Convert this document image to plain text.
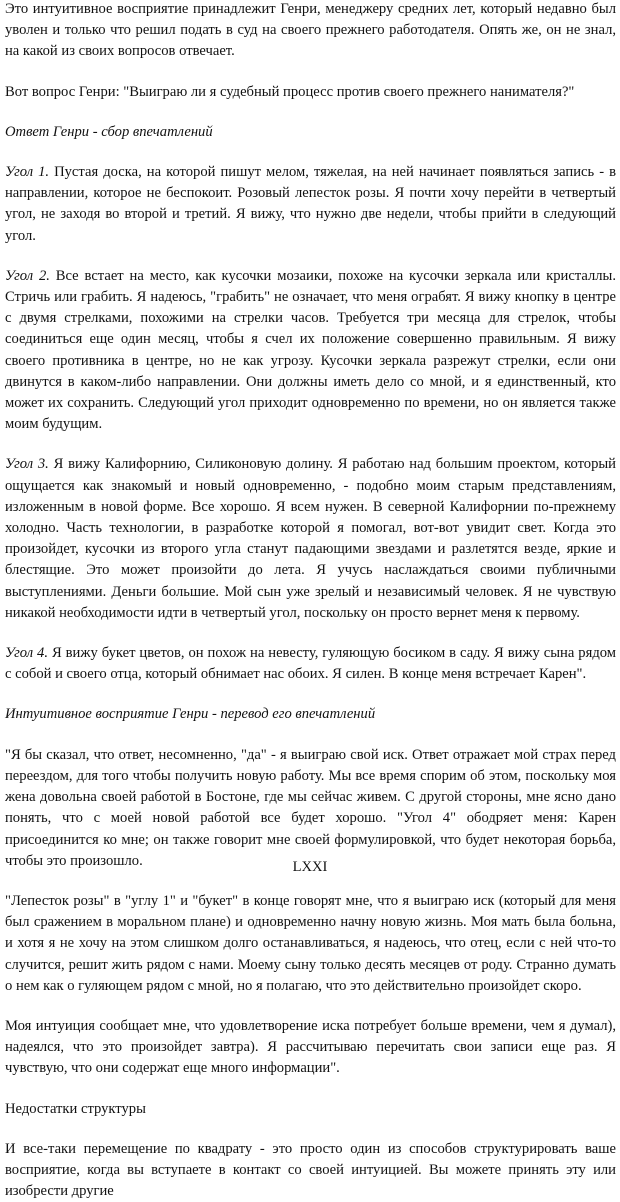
Это интуитивное восприятие принадлежит Генри, менеджеру средних лет, который недавно был уволен и только что решил подать в суд на своего прежнего работодателя. Опять же, он не знал, на какой из своих вопросов отвечает.

Вот вопрос Генри: "Выиграю ли я судебный процесс против своего прежнего нанимателя?"

Ответ Генри - сбор впечатлений

Угол 1. Пустая доска, на которой пишут мелом, тяжелая, на ней начинает появляться запись - в направлении, которое не беспокоит. Розовый лепесток розы. Я почти хочу перейти в четвертый угол, не заходя во второй и третий. Я вижу, что нужно две недели, чтобы прийти в следующий угол.

Угол 2. Все встает на место, как кусочки мозаики, похоже на кусочки зеркала или кристаллы. Стричь или грабить. Я надеюсь, "грабить" не означает, что меня ограбят. Я вижу кнопку в центре с двумя стрелками, похожими на стрелки часов. Требуется три месяца для стрелок, чтобы соединиться еще один месяц, чтобы я счел их положение совершенно правильным. Я вижу своего противника в центре, но не как угрозу. Кусочки зеркала разрежут стрелки, если они двинутся в каком-либо направлении. Они должны иметь дело со мной, и я единственный, кто может их сохранить. Следующий угол приходит одновременно по времени, но он является также моим будущим.

Угол 3. Я вижу Калифорнию, Силиконовую долину. Я работаю над большим проектом, который ощущается как знакомый и новый одновременно, - подобно моим старым представлениям, изложенным в новой форме. Все хорошо. Я всем нужен. В северной Калифорнии по-прежнему холодно. Часть технологии, в разработке которой я помогал, вот-вот увидит свет. Когда это произойдет, кусочки из второго угла станут падающими звездами и разлетятся везде, яркие и блестящие. Это может произойти до лета. Я учусь наслаждаться своими публичными выступлениями. Деньги большие. Мой сын уже зрелый и независимый человек. Я не чувствую никакой необходимости идти в четвертый угол, поскольку он просто вернет меня к первому.

Угол 4. Я вижу букет цветов, он похож на невесту, гуляющую босиком в саду. Я вижу сына рядом с собой и своего отца, который обнимает нас обоих. Я силен. В конце меня встречает Карен".

Интуитивное восприятие Генри - перевод его впечатлений

"Я бы сказал, что ответ, несомненно, "да" - я выиграю свой иск. Ответ отражает мой страх перед переездом, для того чтобы получить новую работу. Мы все время спорим об этом, поскольку моя жена довольна своей работой в Бостоне, где мы сейчас живем. С другой стороны, мне ясно дано понять, что с моей новой работой все будет хорошо. "Угол 4" ободряет меня: Карен присоединится ко мне; он также говорит мне своей формулировкой, что будет некоторая борьба, чтобы это произошло.

"Лепесток розы" в "углу 1" и "букет" в конце говорят мне, что я выиграю иск (который для меня был сражением в моральном плане) и одновременно начну новую жизнь. Моя мать была больна, и хотя я не хочу на этом слишком долго останавливаться, я надеюсь, что отец, если с ней что-то случится, решит жить рядом с нами. Моему сыну только десять месяцев от роду. Странно думать о нем как о гуляющем рядом с мной, но я полагаю, что это действительно произойдет скоро.

Моя интуиция сообщает мне, что удовлетворение иска потребует больше времени, чем я думал), надеялся, что это произойдет завтра). Я рассчитываю перечитать свои записи еще раз. Я чувствую, что они содержат еще много информации".

Недостатки структуры

И все-таки перемещение по квадрату - это просто один из способов структурировать ваше восприятие, когда вы вступаете в контакт со своей интуицией. Вы можете принять эту или изобрести другие

LXXI
